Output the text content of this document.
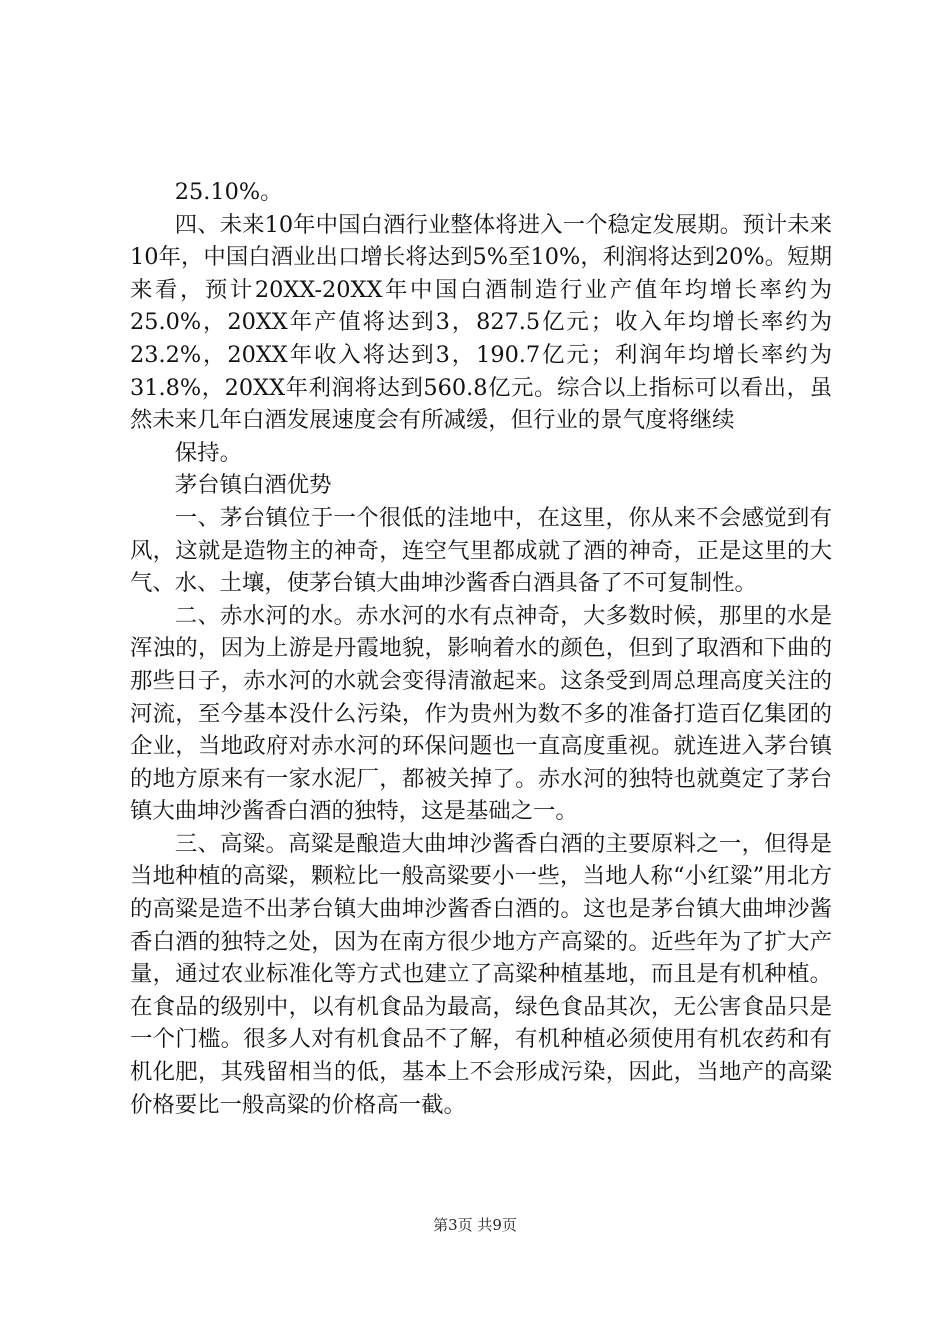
25.10%。

四、未来10年中国白酒行业整体将进入一个稳定发展期。预计未来10年，中国白酒业出口增长将达到5%至10%，利润将达到20%。短期来看，预计20XX-20XX年中国白酒制造行业产值年均增长率约为25.0%，20XX年产值将达到3，827.5亿元；收入年均增长率约为23.2%，20XX年收入将达到3，190.7亿元；利润年均增长率约为31.8%，20XX年利润将达到560.8亿元。综合以上指标可以看出，虽然未来几年白酒发展速度会有所减缓，但行业的景气度将继续

保持。

茅台镇白酒优势

一、茅台镇位于一个很低的洼地中，在这里，你从来不会感觉到有风，这就是造物主的神奇，连空气里都成就了酒的神奇，正是这里的大气、水、土壤，使茅台镇大曲坤沙酱香白酒具备了不可复制性。

二、赤水河的水。赤水河的水有点神奇，大多数时候，那里的水是浑浊的，因为上游是丹霞地貌，影响着水的颜色，但到了取酒和下曲的那些日子，赤水河的水就会变得清澈起来。这条受到周总理高度关注的河流，至今基本没什么污染，作为贵州为数不多的准备打造百亿集团的企业，当地政府对赤水河的环保问题也一直高度重视。就连进入茅台镇的地方原来有一家水泥厂，都被关掉了。赤水河的独特也就奠定了茅台镇大曲坤沙酱香白酒的独特，这是基础之一。

三、高粱。高粱是酿造大曲坤沙酱香白酒的主要原料之一，但得是当地种植的高粱，颗粒比一般高粱要小一些，当地人称“小红粱”用北方的高粱是造不出茅台镇大曲坤沙酱香白酒的。这也是茅台镇大曲坤沙酱香白酒的独特之处，因为在南方很少地方产高粱的。近些年为了扩大产量，通过农业标准化等方式也建立了高粱种植基地，而且是有机种植。在食品的级别中，以有机食品为最高，绿色食品其次，无公害食品只是一个门槛。很多人对有机食品不了解，有机种植必须使用有机农药和有机化肥，其残留相当的低，基本上不会形成污染，因此，当地产的高粱价格要比一般高粱的价格高一截。

第3页 共9页
